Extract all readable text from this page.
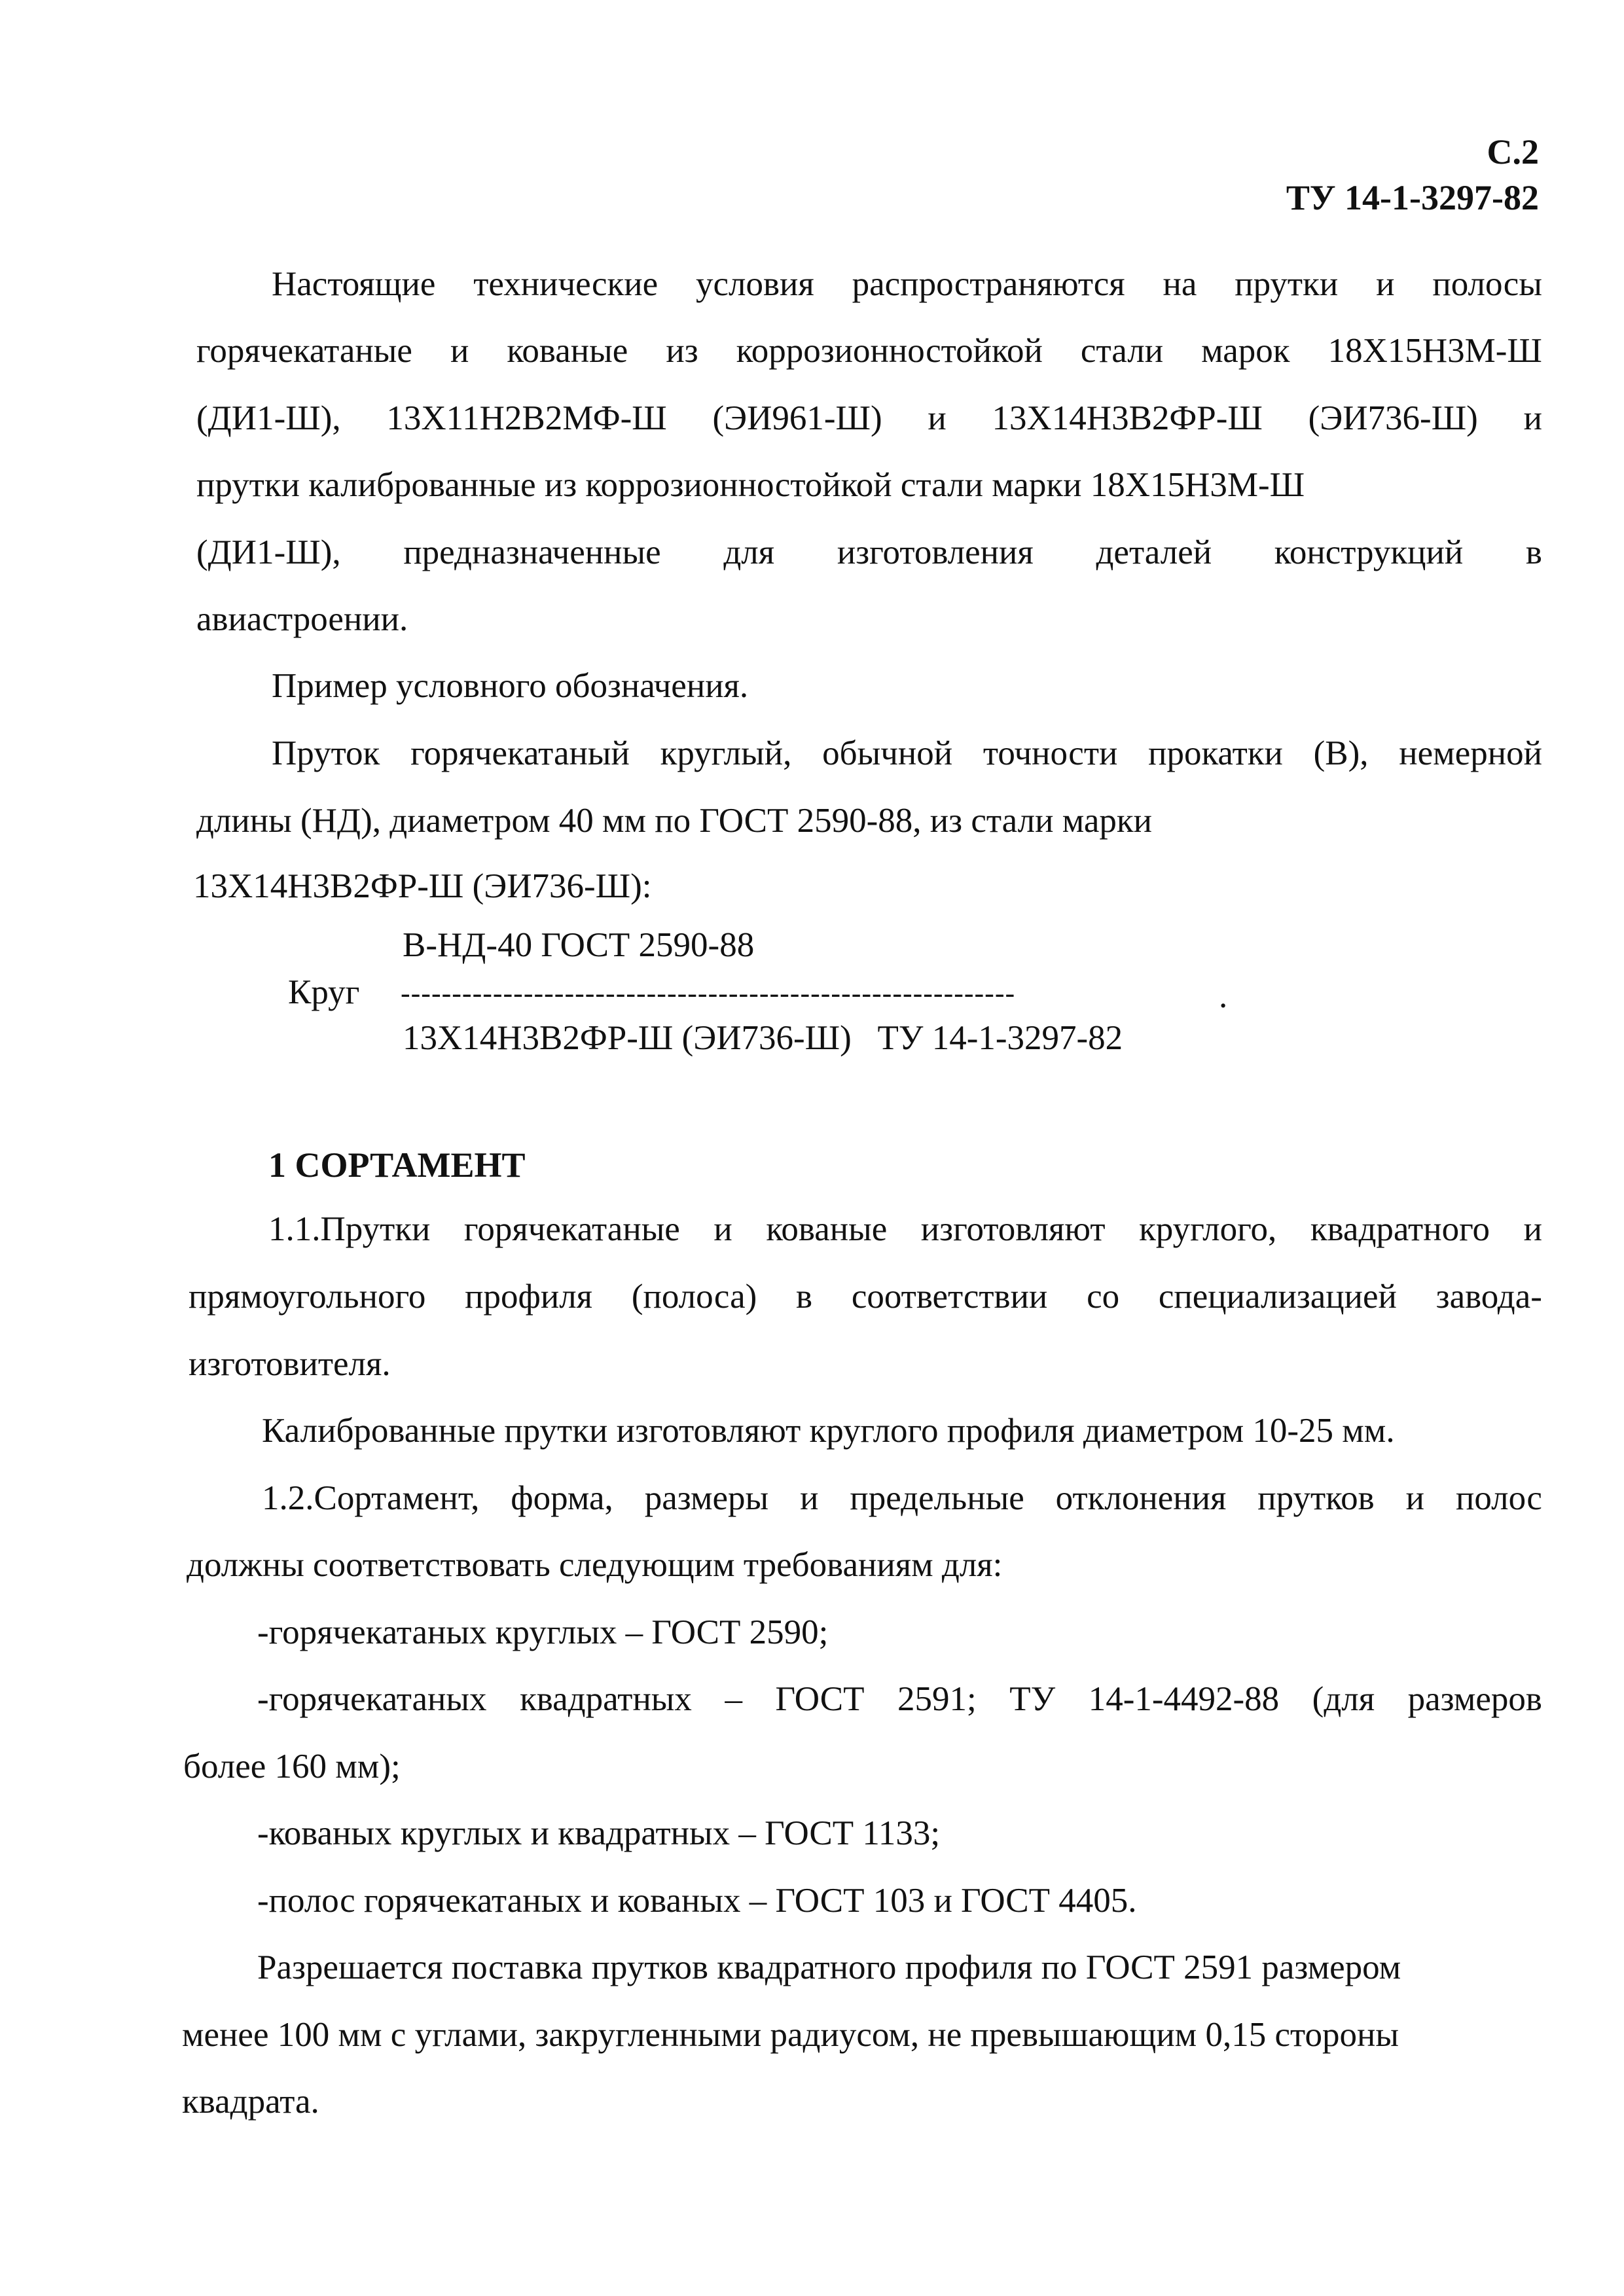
С.2
ТУ 14-1-3297-82
Настоящие технические условия распространяются на прутки и полосы
горячекатаные и кованые из коррозионностойкой стали марок 18Х15Н3М-Ш
(ДИ1-Ш), 13Х11Н2В2МФ-Ш (ЭИ961-Ш) и 13Х14Н3В2ФР-Ш (ЭИ736-Ш) и
прутки калиброванные из коррозионностойкой стали марки 18Х15Н3М-Ш
(ДИ1-Ш), предназначенные для изготовления деталей конструкций в
авиастроении.
Пример условного обозначения.
Пруток горячекатаный круглый, обычной точности прокатки (В), немерной
длины (НД), диаметром 40 мм по ГОСТ 2590-88, из стали марки
13Х14Н3В2ФР-Ш (ЭИ736-Ш):
В-НД-40 ГОСТ 2590-88
Круг ------------------------------------------------------------	.
13Х14Н3В2ФР-Ш (ЭИ736-Ш)   ТУ 14-1-3297-82
1 СОРТАМЕНТ
1.1.Прутки горячекатаные и кованые изготовляют круглого, квадратного и
прямоугольного профиля (полоса) в соответствии со специализацией завода-
изготовителя.
Калиброванные прутки изготовляют круглого профиля диаметром 10-25 мм.
1.2.Сортамент, форма, размеры и предельные отклонения прутков и полос
должны соответствовать следующим требованиям для:
-горячекатаных круглых – ГОСТ 2590;
-горячекатаных квадратных – ГОСТ 2591; ТУ 14-1-4492-88 (для размеров
более 160 мм);
-кованых круглых и квадратных – ГОСТ 1133;
-полос горячекатаных и кованых – ГОСТ 103 и ГОСТ 4405.
Разрешается поставка прутков квадратного профиля по ГОСТ 2591 размером
менее 100 мм с углами, закругленными радиусом, не превышающим 0,15 стороны
квадрата.
